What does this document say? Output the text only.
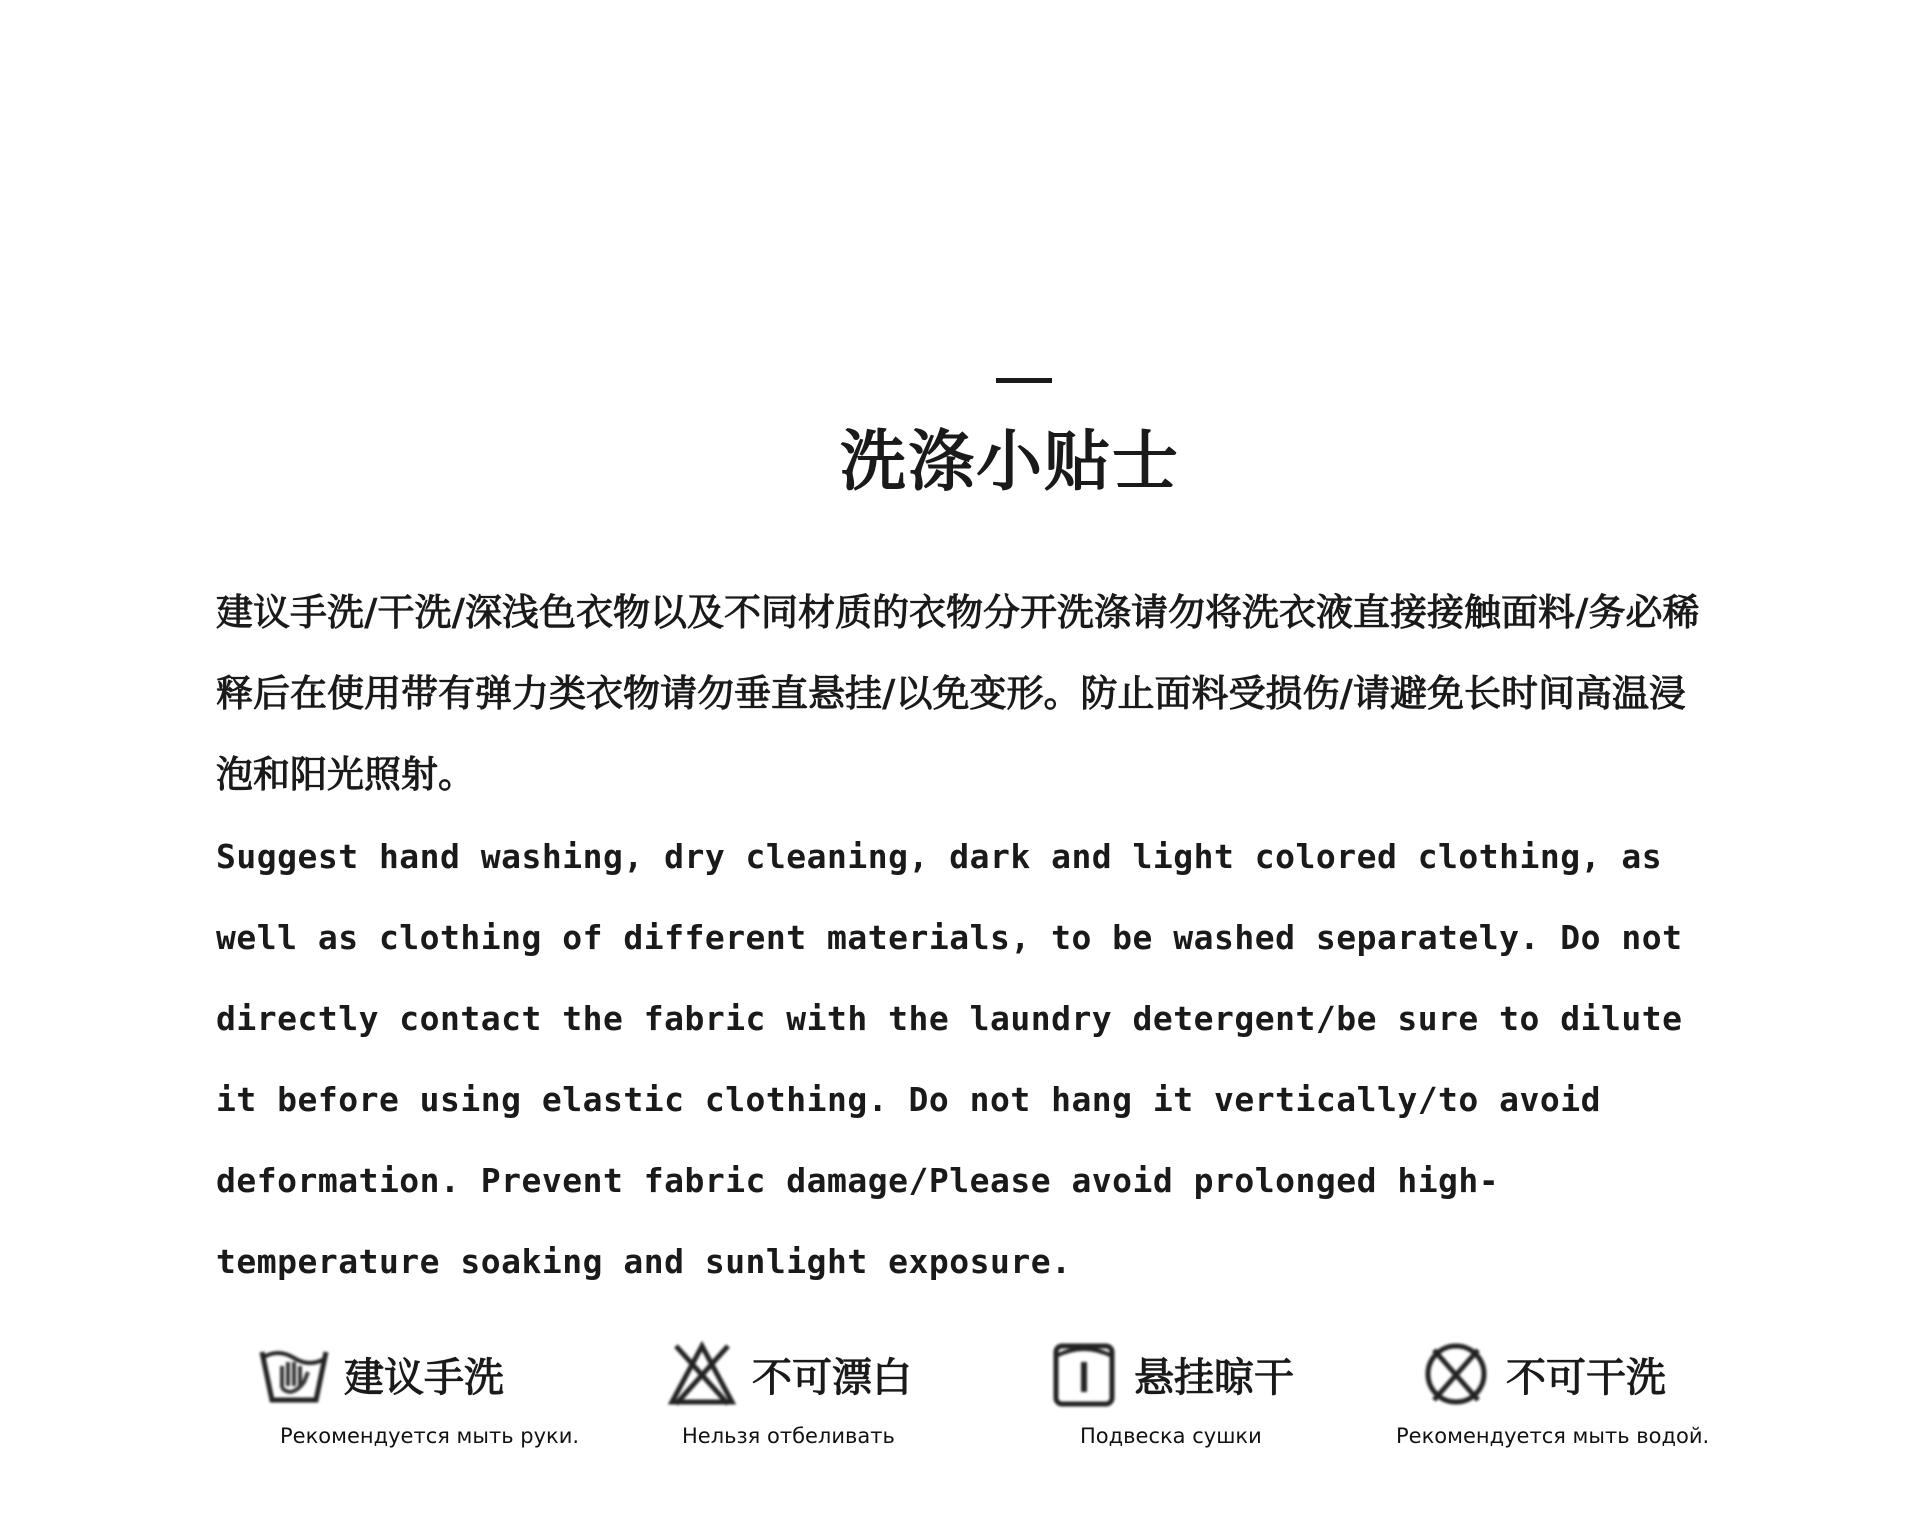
洗涤小贴士

建议手洗/干洗/深浅色衣物以及不同材质的衣物分开洗涤请勿将洗衣液直接接触面料/务必稀释后在使用带有弹力类衣物请勿垂直悬挂/以免变形。防止面料受损伤/请避免长时间高温浸泡和阳光照射。

Suggest hand washing, dry cleaning, dark and light colored clothing, as well as clothing of different materials, to be washed separately. Do not directly contact the fabric with the laundry detergent/be sure to dilute it before using elastic clothing. Do not hang it vertically/to avoid deformation. Prevent fabric damage/Please avoid prolonged high-temperature soaking and sunlight exposure.

建议手洗
Рекомендуется мыть руки.
不可漂白
Нельзя отбеливать
悬挂晾干
Подвеска сушки
不可干洗
Рекомендуется мыть водой.
